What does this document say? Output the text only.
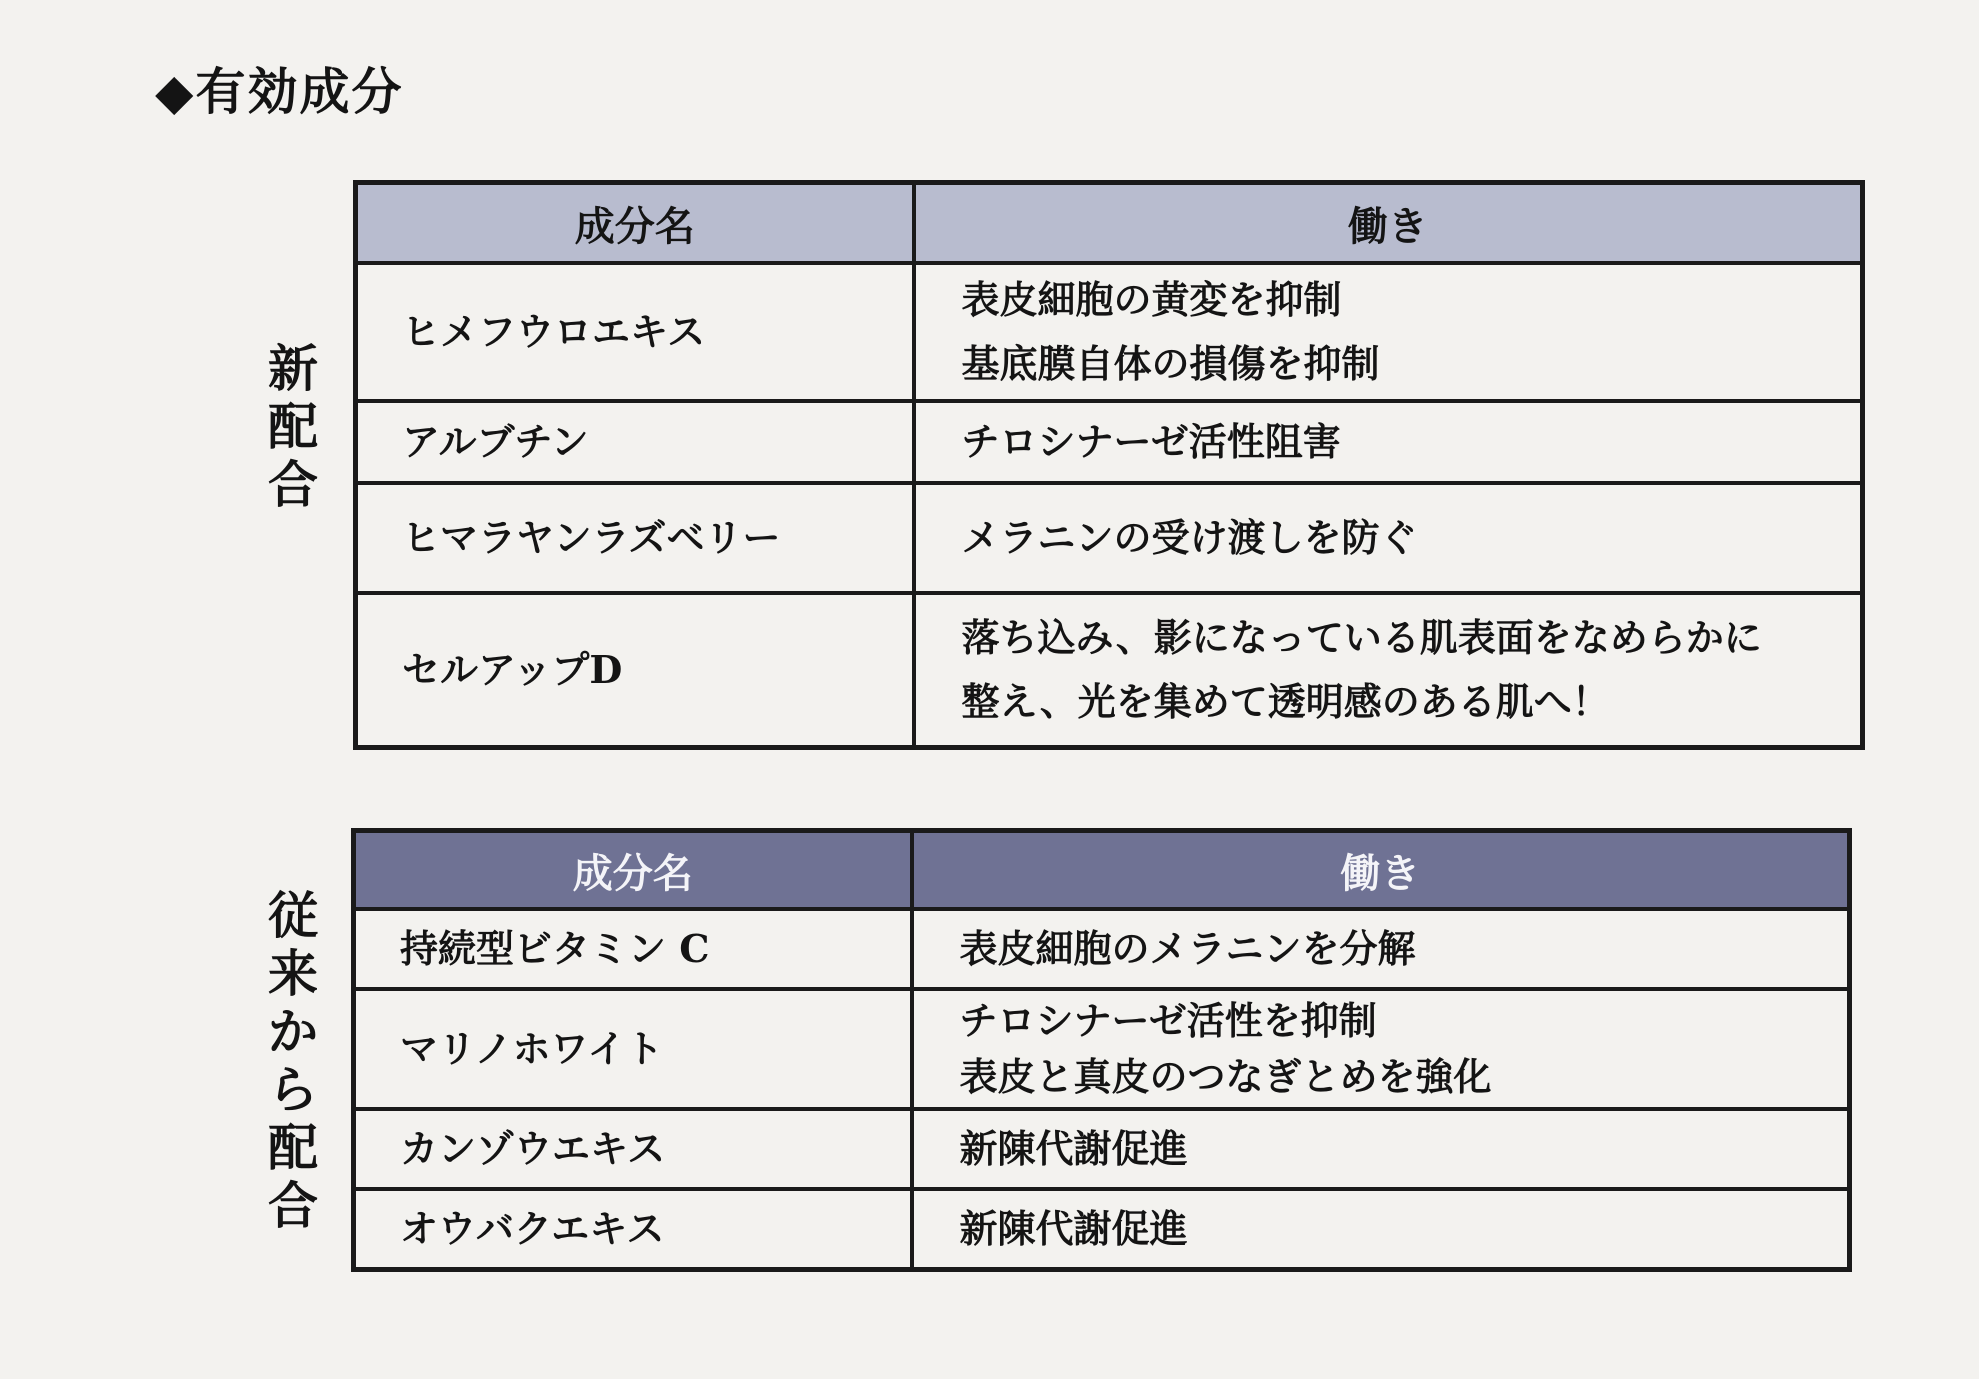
◆有効成分
新配合
成分名	働き
ヒメフウロエキス	表皮細胞の黄変を抑制
基底膜自体の損傷を抑制

アルブチン	チロシナーゼ活性阻害

ヒマラヤンラズベリー	メラニンの受け渡しを防ぐ

セルアップD	落ち込み、影になっている肌表面をなめらかに
整え、光を集めて透明感のある肌へ！
従来から配合
成分名	働き
持続型ビタミン C	表皮細胞のメラニンを分解

マリノホワイト	チロシナーゼ活性を抑制
表皮と真皮のつなぎとめを強化

カンゾウエキス	新陳代謝促進

オウバクエキス	新陳代謝促進
